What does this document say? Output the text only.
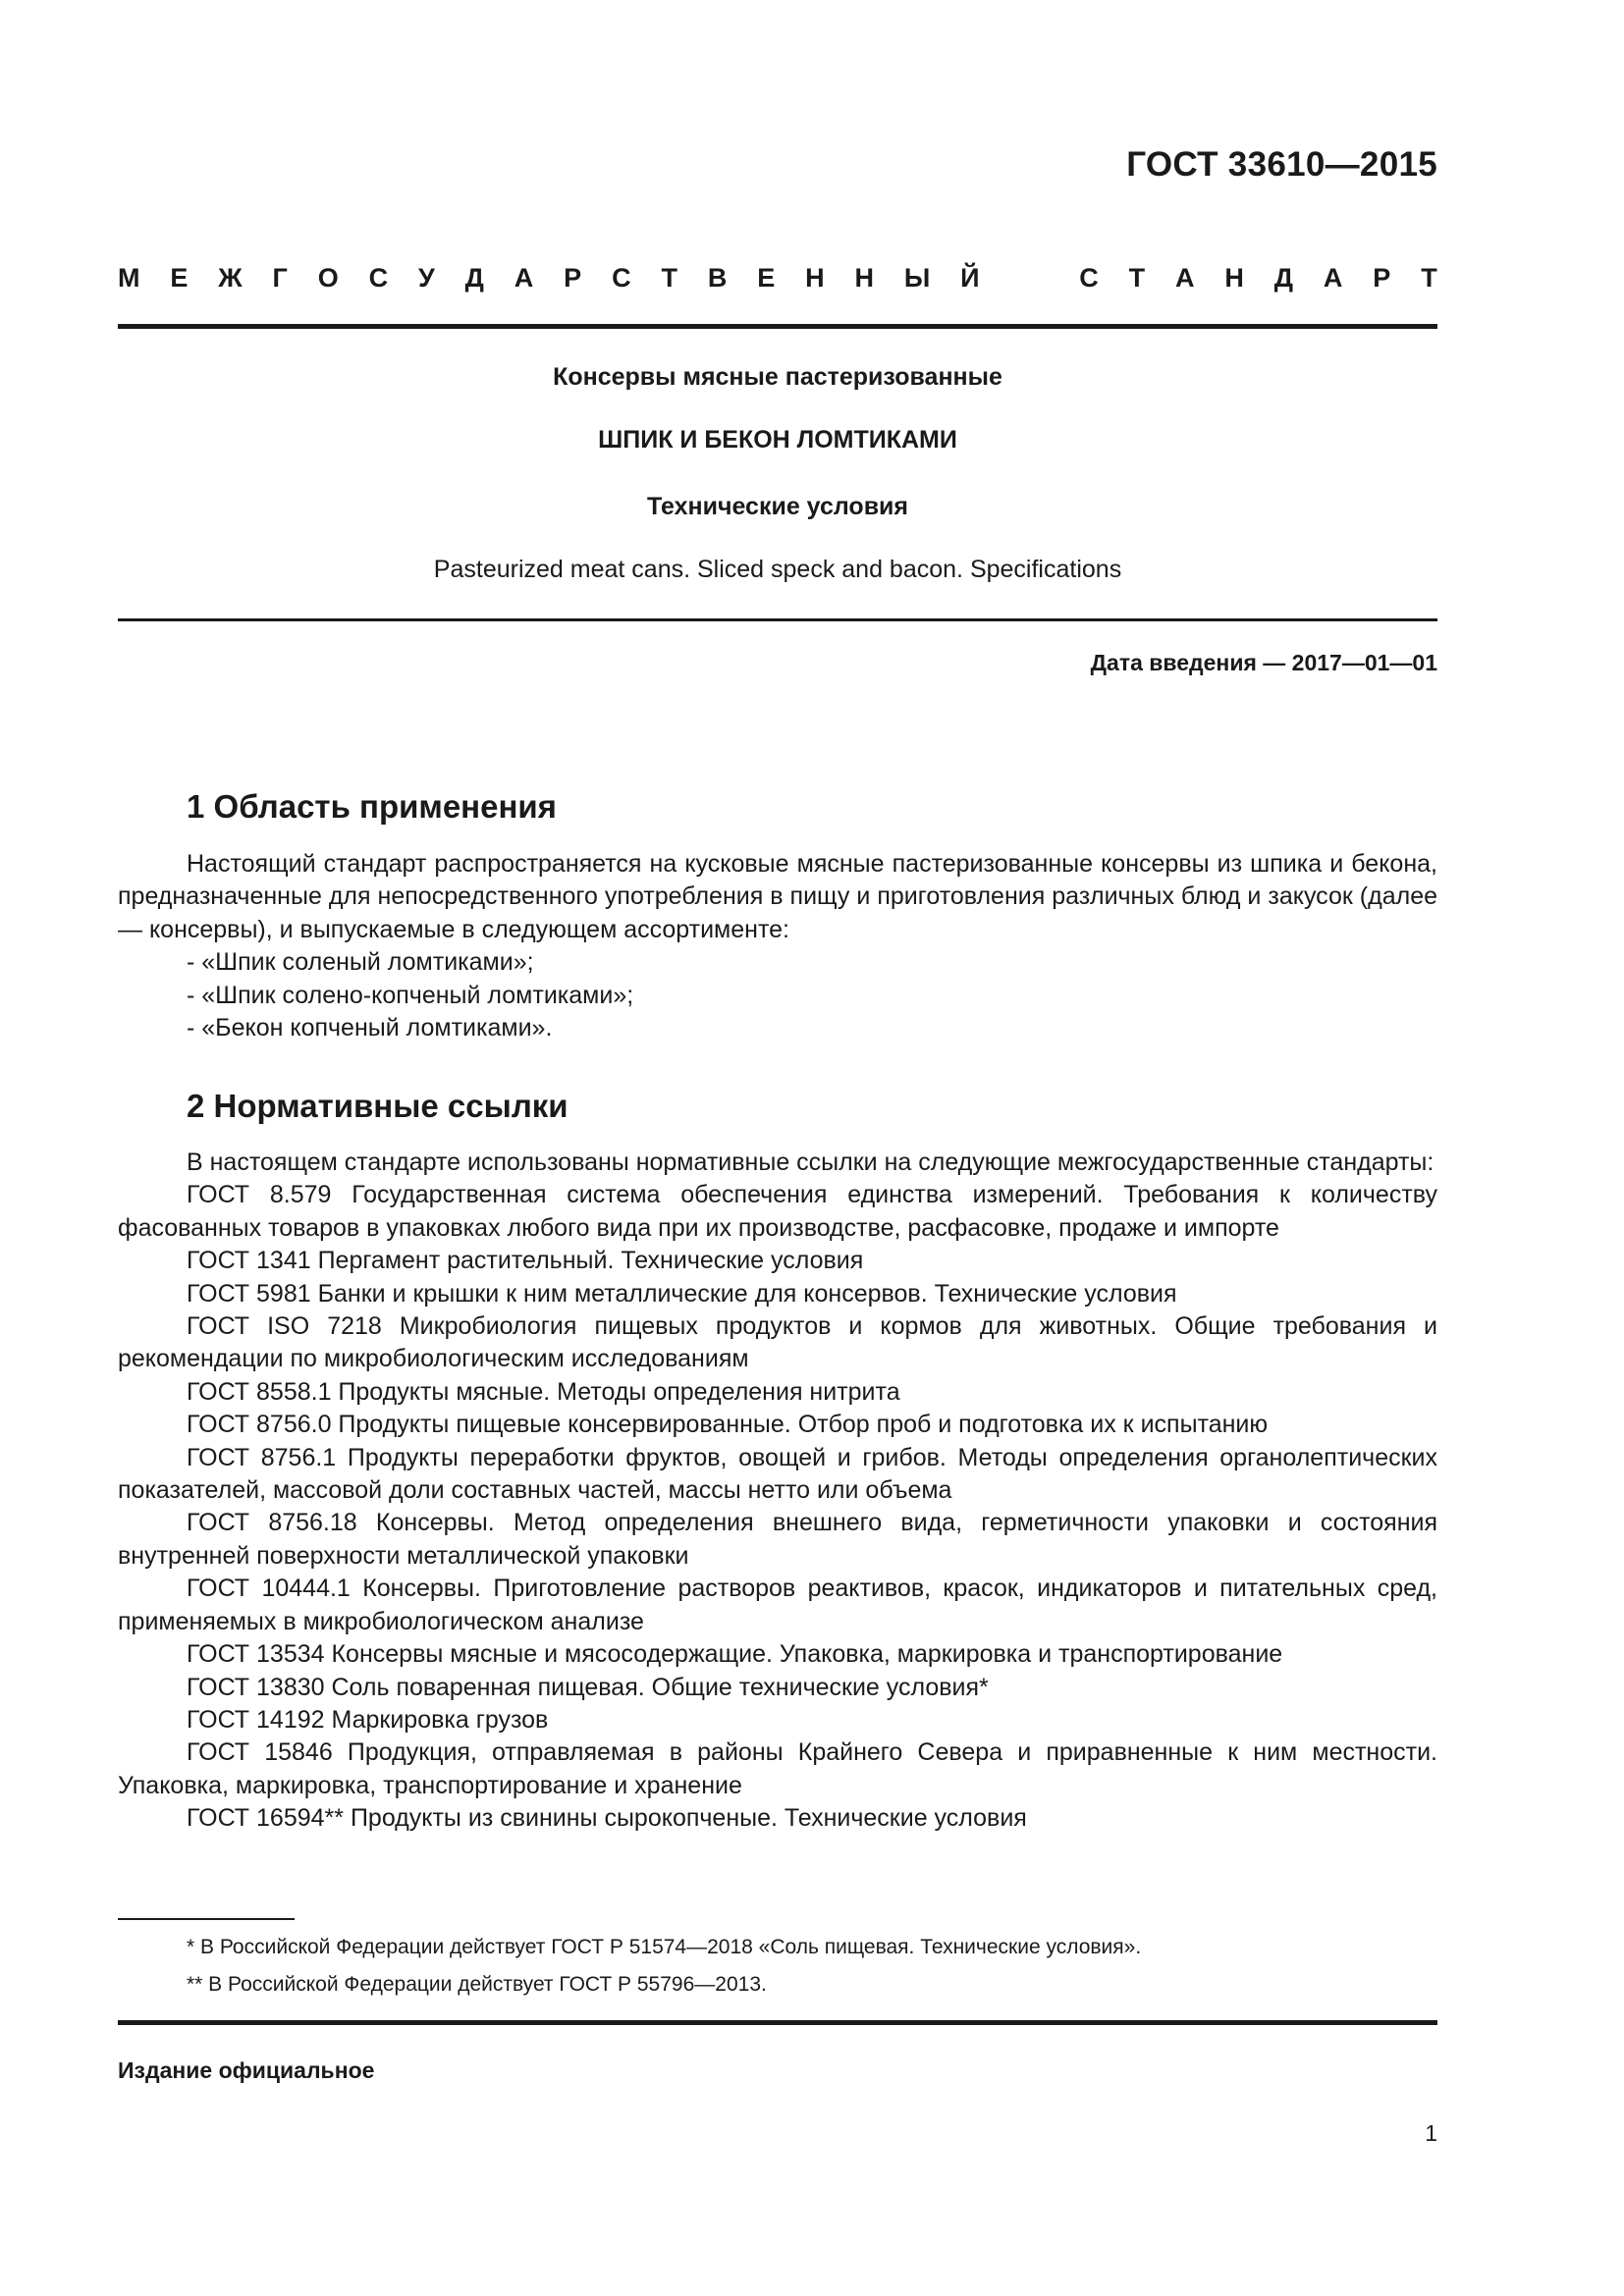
ГОСТ 33610—2015
М Е Ж Г О С У Д А Р С Т В Е Н Н Ы Й	С Т А Н Д А Р Т
Консервы мясные пастеризованные
ШПИК И БЕКОН ЛОМТИКАМИ
Технические условия
Pasteurized meat cans. Sliced speck and bacon. Specifications
Дата введения — 2017—01—01
1 Область применения

Настоящий стандарт распространяется на кусковые мясные пастеризованные консервы из шпика и бекона, предназначенные для непосредственного употребления в пищу и приготовления различных блюд и закусок (далее — консервы), и выпускаемые в следующем ассортименте:

- «Шпик соленый ломтиками»;

- «Шпик солено-копченый ломтиками»;

- «Бекон копченый ломтиками».

2 Нормативные ссылки

В настоящем стандарте использованы нормативные ссылки на следующие межгосударственные стандарты:

ГОСТ 8.579 Государственная система обеспечения единства измерений. Требования к количеству фасованных товаров в упаковках любого вида при их производстве, расфасовке, продаже и импорте

ГОСТ 1341 Пергамент растительный. Технические условия

ГОСТ 5981 Банки и крышки к ним металлические для консервов. Технические условия

ГОСТ ISO 7218 Микробиология пищевых продуктов и кормов для животных. Общие требования и рекомендации по микробиологическим исследованиям

ГОСТ 8558.1 Продукты мясные. Методы определения нитрита

ГОСТ 8756.0 Продукты пищевые консервированные. Отбор проб и подготовка их к испытанию

ГОСТ 8756.1 Продукты переработки фруктов, овощей и грибов. Методы определения органолептических показателей, массовой доли составных частей, массы нетто или объема

ГОСТ 8756.18 Консервы. Метод определения внешнего вида, герметичности упаковки и состояния внутренней поверхности металлической упаковки

ГОСТ 10444.1 Консервы. Приготовление растворов реактивов, красок, индикаторов и питательных сред, применяемых в микробиологическом анализе

ГОСТ 13534 Консервы мясные и мясосодержащие. Упаковка, маркировка и транспортирование

ГОСТ 13830 Соль поваренная пищевая. Общие технические условия*

ГОСТ 14192 Маркировка грузов

ГОСТ 15846 Продукция, отправляемая в районы Крайнего Севера и приравненные к ним местности. Упаковка, маркировка, транспортирование и хранение

ГОСТ 16594** Продукты из свинины сырокопченые. Технические условия

* В Российской Федерации действует ГОСТ Р 51574—2018 «Соль пищевая. Технические условия».
** В Российской Федерации действует ГОСТ Р 55796—2013.
Издание официальное
1
